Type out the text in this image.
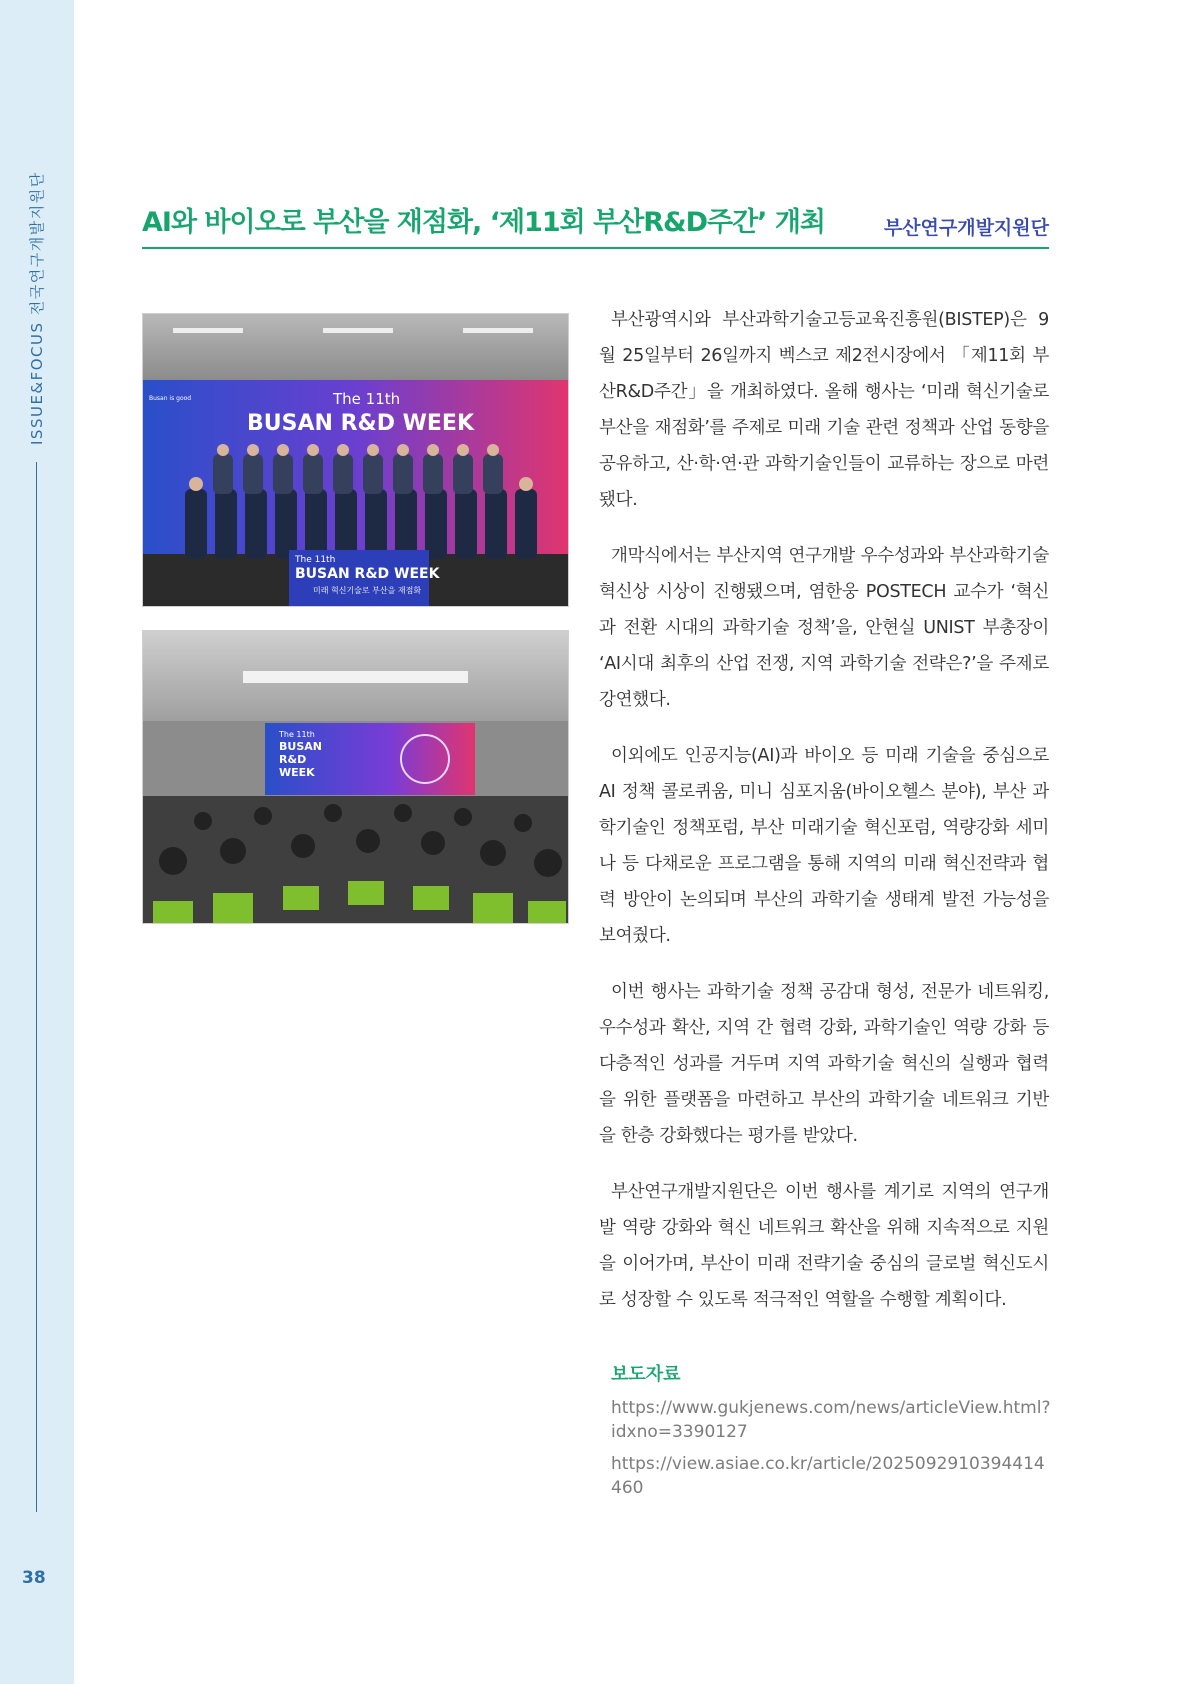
ISSUE&FOCUS 전국연구개발지원단
38
AI와 바이오로 부산을 재점화, ‘제11회 부산R&D주간’ 개최	부산연구개발지원단
Busan is good	The 11th
BUSAN R&D WEEK
The 11th
BUSAN R&D WEEK
미래 혁신기술로 부산을 재점화
The 11th
BUSAN
R&D
WEEK

부산광역시와 부산과학기술고등교육진흥원(BISTEP)은 9월 25일부터 26일까지 벡스코 제2전시장에서 「제11회 부산R&D주간」을 개최하였다. 올해 행사는 ‘미래 혁신기술로 부산을 재점화’를 주제로 미래 기술 관련 정책과 산업 동향을 공유하고, 산·학·연·관 과학기술인들이 교류하는 장으로 마련됐다.

개막식에서는 부산지역 연구개발 우수성과와 부산과학기술혁신상 시상이 진행됐으며, 염한웅 POSTECH 교수가 ‘혁신과 전환 시대의 과학기술 정책’을, 안현실 UNIST 부총장이 ‘AI시대 최후의 산업 전쟁, 지역 과학기술 전략은?’을 주제로 강연했다.

이외에도 인공지능(AI)과 바이오 등 미래 기술을 중심으로 AI 정책 콜로퀴움, 미니 심포지움(바이오헬스 분야), 부산 과학기술인 정책포럼, 부산 미래기술 혁신포럼, 역량강화 세미나 등 다채로운 프로그램을 통해 지역의 미래 혁신전략과 협력 방안이 논의되며 부산의 과학기술 생태계 발전 가능성을 보여줬다.

이번 행사는 과학기술 정책 공감대 형성, 전문가 네트워킹, 우수성과 확산, 지역 간 협력 강화, 과학기술인 역량 강화 등 다층적인 성과를 거두며 지역 과학기술 혁신의 실행과 협력을 위한 플랫폼을 마련하고 부산의 과학기술 네트워크 기반을 한층 강화했다는 평가를 받았다.

부산연구개발지원단은 이번 행사를 계기로 지역의 연구개발 역량 강화와 혁신 네트워크 확산을 위해 지속적으로 지원을 이어가며, 부산이 미래 전략기술 중심의 글로벌 혁신도시로 성장할 수 있도록 적극적인 역할을 수행할 계획이다.

보도자료
https://www.gukjenews.com/news/articleView.html?idxno=3390127
https://view.asiae.co.kr/article/2025092910394414460
